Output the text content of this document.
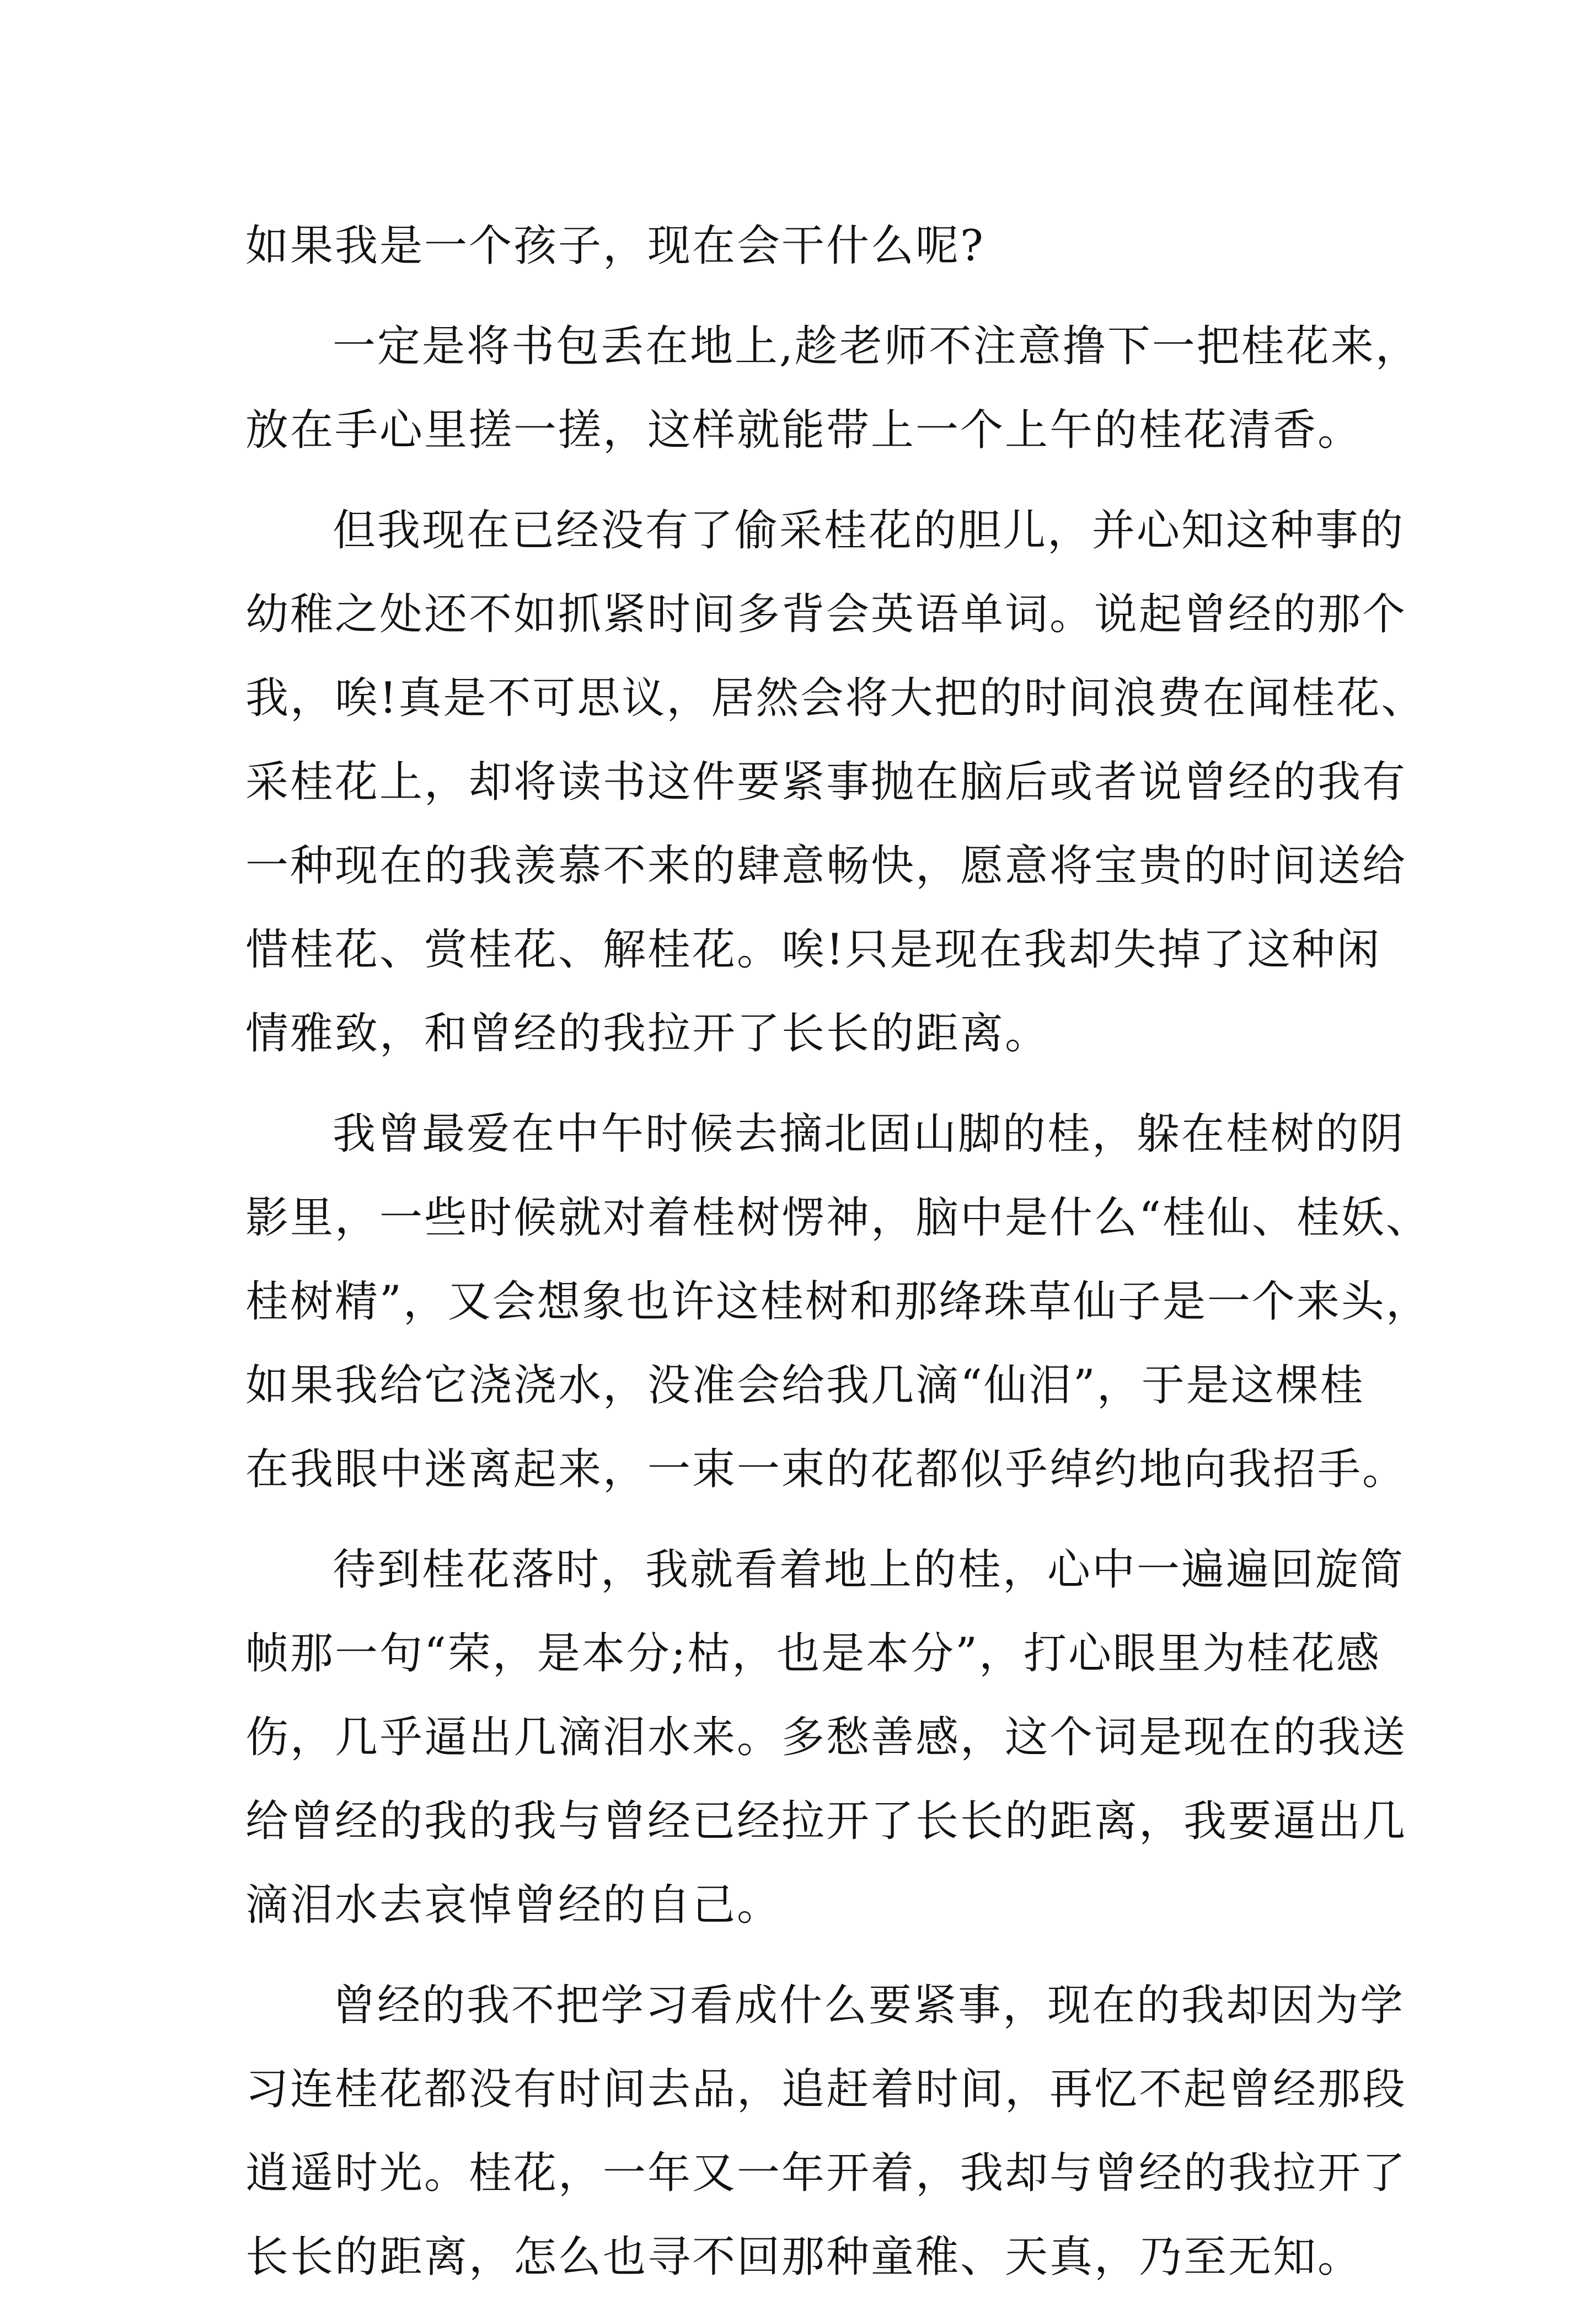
如果我是一个孩子，现在会干什么呢?
一定是将书包丢在地上,趁老师不注意撸下一把桂花来，
放在手心里搓一搓，这样就能带上一个上午的桂花清香。
但我现在已经没有了偷采桂花的胆儿，并心知这种事的
幼稚之处还不如抓紧时间多背会英语单词。说起曾经的那个
我，唉!真是不可思议，居然会将大把的时间浪费在闻桂花、
采桂花上，却将读书这件要紧事抛在脑后或者说曾经的我有
一种现在的我羡慕不来的肆意畅快，愿意将宝贵的时间送给
惜桂花、赏桂花、解桂花。唉!只是现在我却失掉了这种闲
情雅致，和曾经的我拉开了长长的距离。
我曾最爱在中午时候去摘北固山脚的桂，躲在桂树的阴
影里，一些时候就对着桂树愣神，脑中是什么“桂仙、桂妖、
桂树精”，又会想象也许这桂树和那绛珠草仙子是一个来头，
如果我给它浇浇水，没准会给我几滴“仙泪”，于是这棵桂
在我眼中迷离起来，一束一束的花都似乎绰约地向我招手。
待到桂花落时，我就看着地上的桂，心中一遍遍回旋简
帧那一句“荣，是本分;枯，也是本分”，打心眼里为桂花感
伤，几乎逼出几滴泪水来。多愁善感，这个词是现在的我送
给曾经的我的我与曾经已经拉开了长长的距离，我要逼出几
滴泪水去哀悼曾经的自己。
曾经的我不把学习看成什么要紧事，现在的我却因为学
习连桂花都没有时间去品，追赶着时间，再忆不起曾经那段
逍遥时光。桂花，一年又一年开着，我却与曾经的我拉开了
长长的距离，怎么也寻不回那种童稚、天真，乃至无知。
